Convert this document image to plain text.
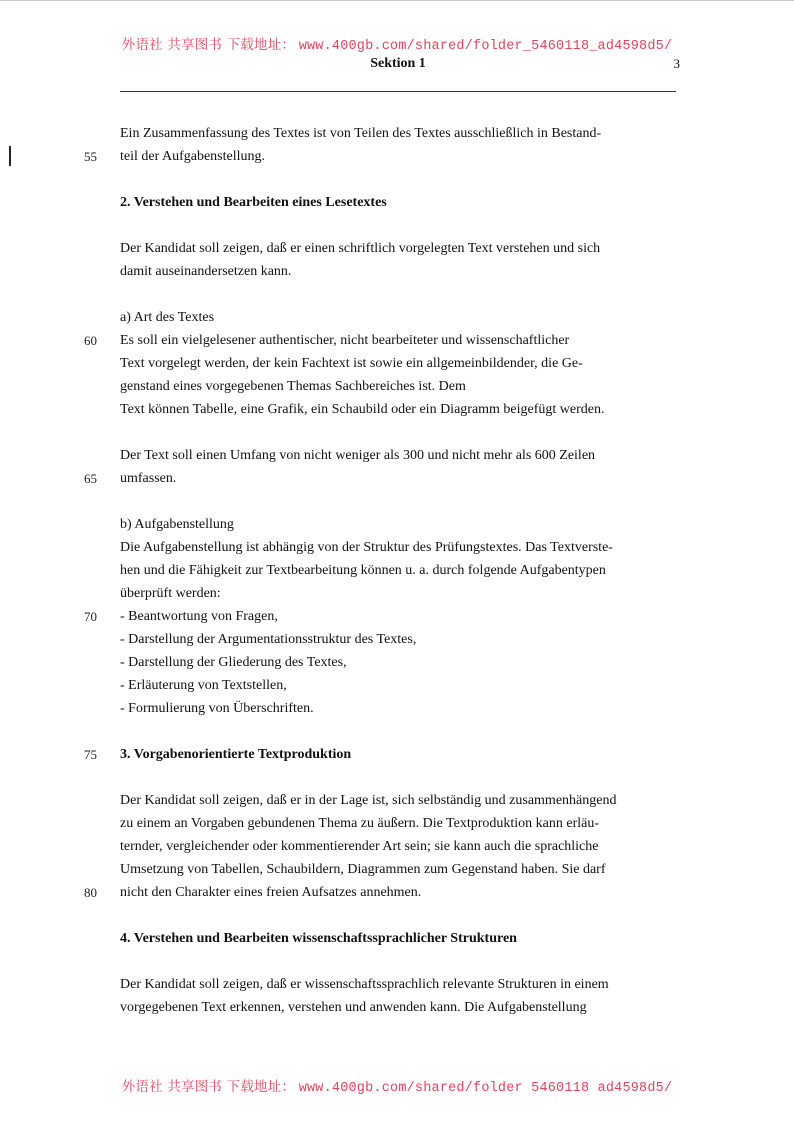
外语社 共享图书 下载地址： www.400gb.com/shared/folder_5460118_ad4598d5/
Sektion 1	3
Ein Zusammenfassung des Textes ist von Teilen des Textes ausschließlich in Bestand-
55 teil der Aufgabenstellung.
2. Verstehen und Bearbeiten eines Lesetextes
Der Kandidat soll zeigen, daß er einen schriftlich vorgelegten Text verstehen und sich
damit auseinandersetzen kann.
a) Art des Textes
60 Es soll ein vielgelesener authentischer, nicht bearbeiteter und wissenschaftlicher
Text vorgelegt werden, der kein Fachtext ist sowie ein allgemeinbildender, die Ge-
genstand eines vorgegebenen Themas Sachbereiches ist. Dem
Text können Tabelle, eine Grafik, ein Schaubild oder ein Diagramm beigefügt werden.
Der Text soll einen Umfang von nicht weniger als 300 und nicht mehr als 600 Zeilen
65 umfassen.
b) Aufgabenstellung
Die Aufgabenstellung ist abhängig von der Struktur des Prüfungstextes. Das Textverste-
hen und die Fähigkeit zur Textbearbeitung können u. a. durch folgende Aufgabentypen
überprüft werden:
70 - Beantwortung von Fragen,
- Darstellung der Argumentationsstruktur des Textes,
- Darstellung der Gliederung des Textes,
- Erläuterung von Textstellen,
- Formulierung von Überschriften.
75 3. Vorgabenorientierte Textproduktion
Der Kandidat soll zeigen, daß er in der Lage ist, sich selbständig und zusammenhängend
zu einem an Vorgaben gebundenen Thema zu äußern. Die Textproduktion kann erläu-
ternder, vergleichender oder kommentierender Art sein; sie kann auch die sprachliche
Umsetzung von Tabellen, Schaubildern, Diagrammen zum Gegenstand haben. Sie darf
80 nicht den Charakter eines freien Aufsatzes annehmen.
4. Verstehen und Bearbeiten wissenschaftssprachlicher Strukturen
Der Kandidat soll zeigen, daß er wissenschaftssprachlich relevante Strukturen in einem
vorgegebenen Text erkennen, verstehen und anwenden kann. Die Aufgabenstellung
外语社 共享图书 下载地址： www.400gb.com/shared/folder 5460118 ad4598d5/
